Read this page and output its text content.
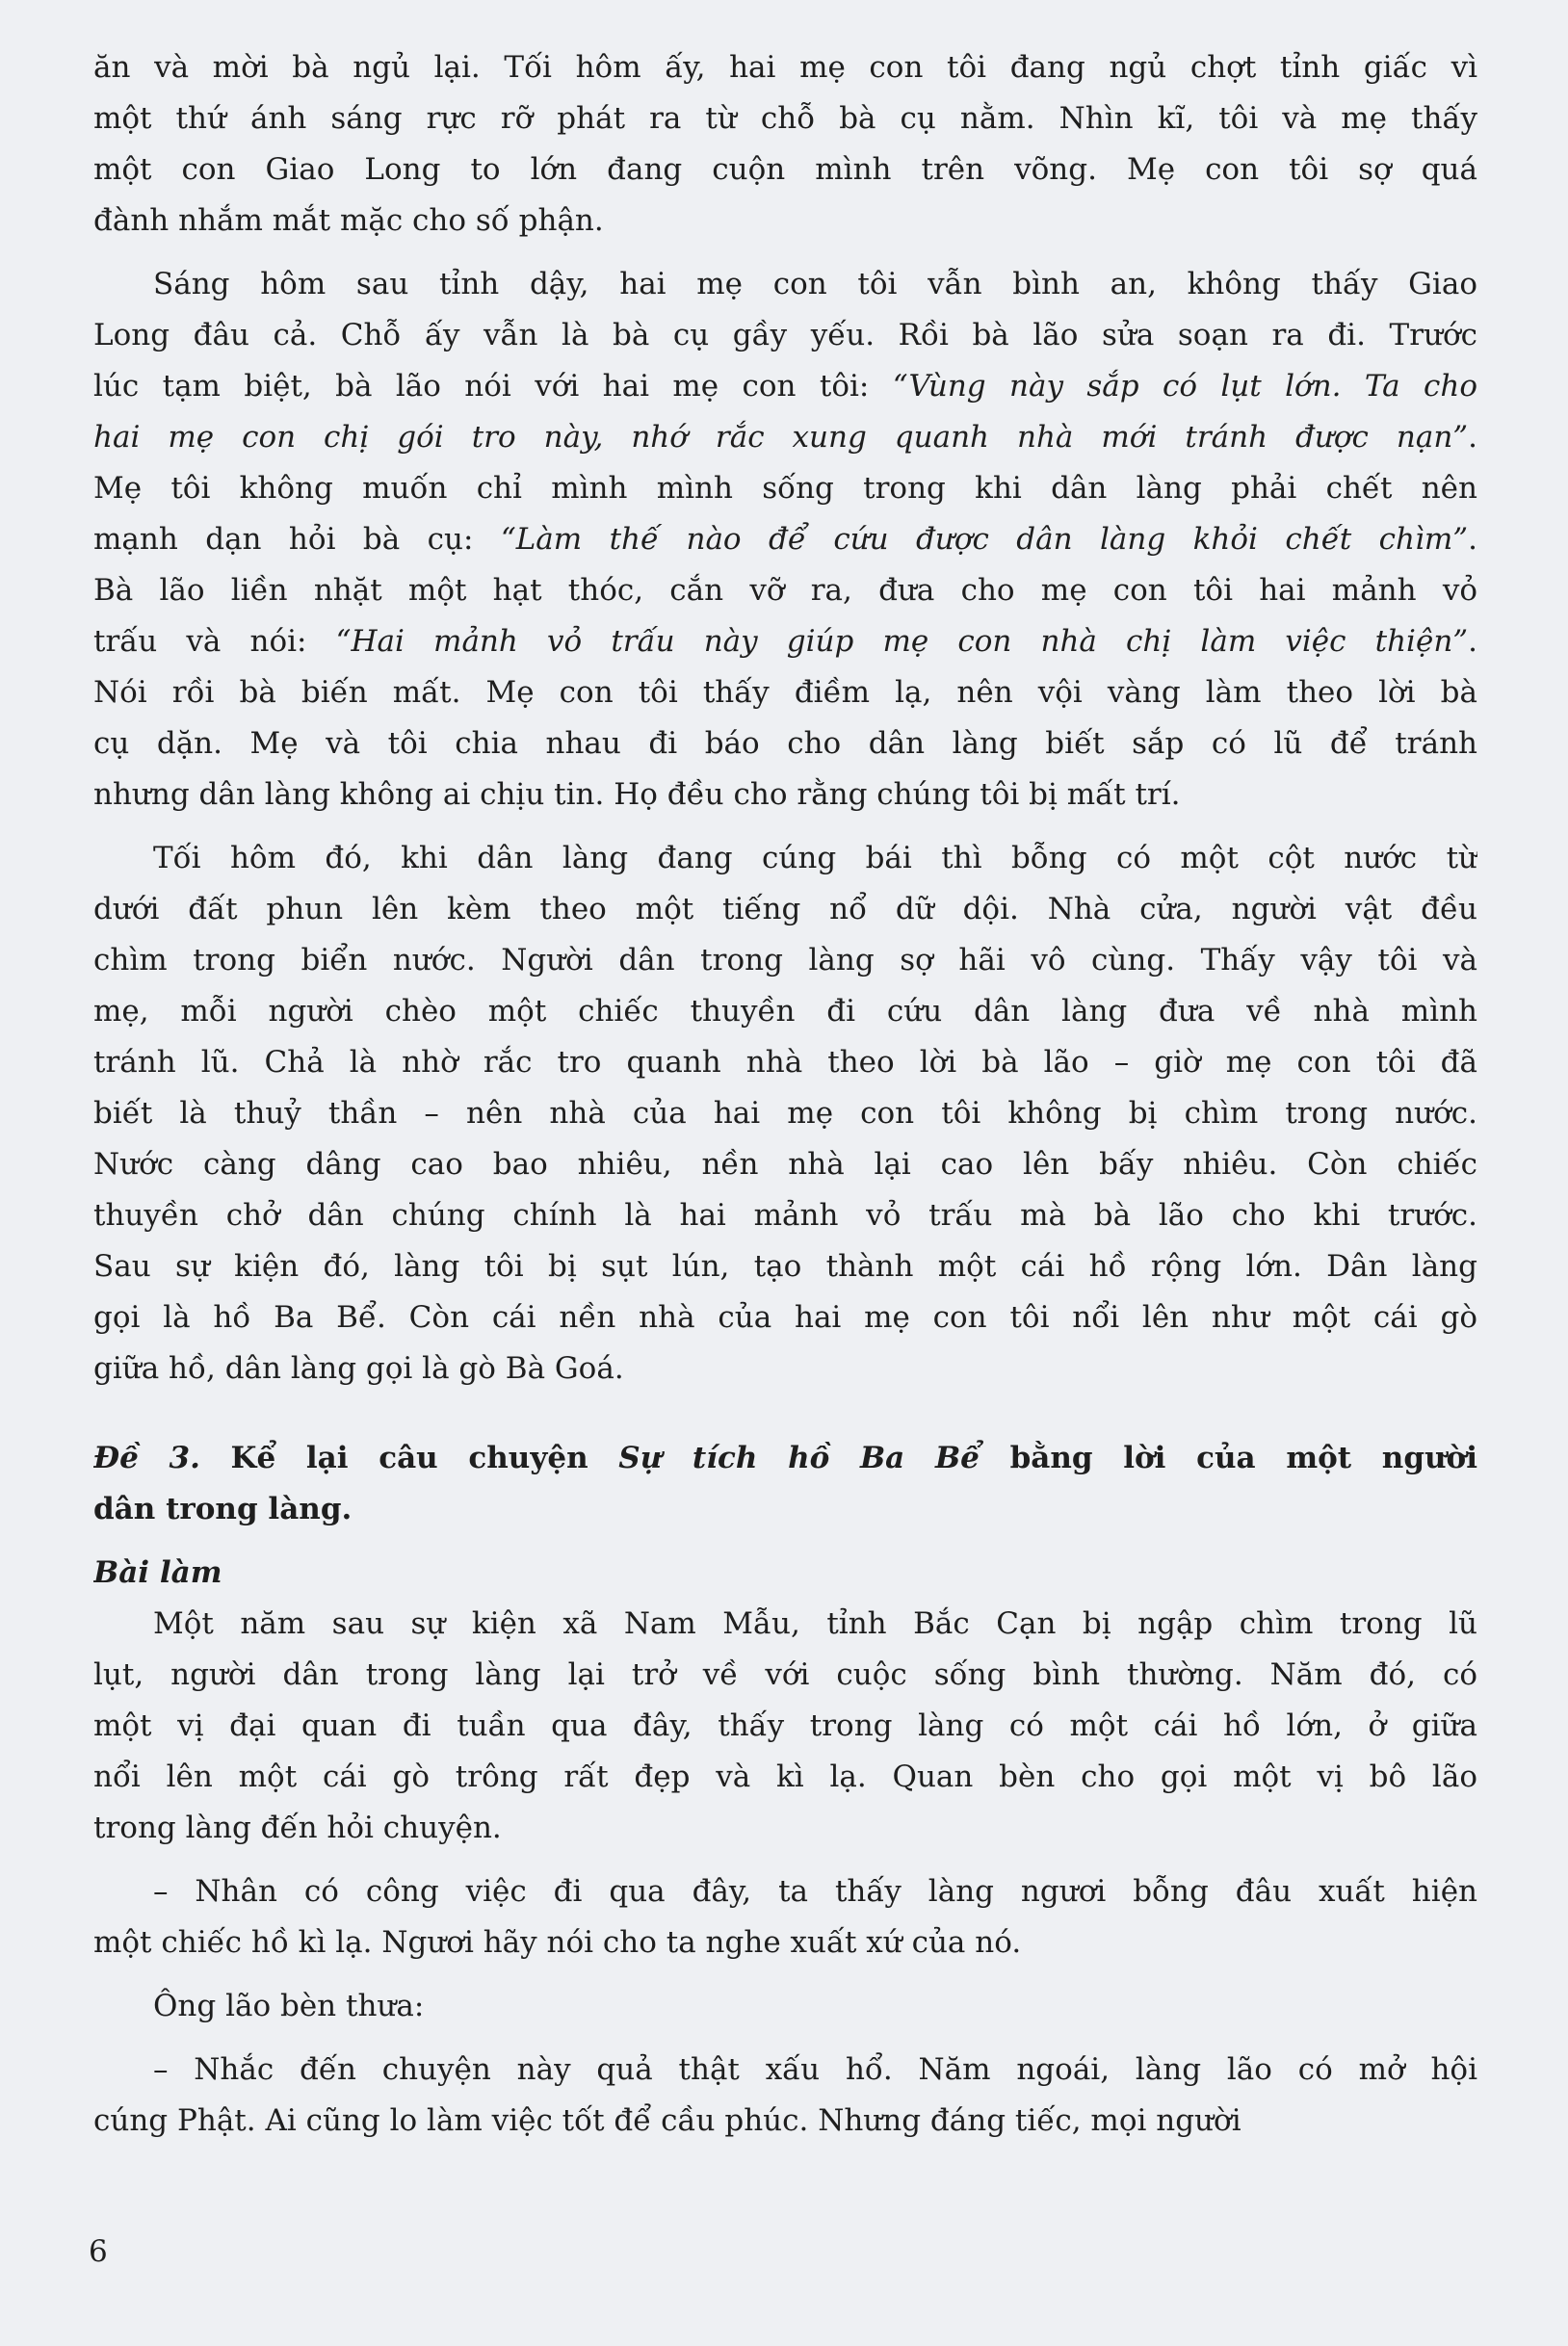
ăn và mời bà ngủ lại. Tối hôm ấy, hai mẹ con tôi đang ngủ chợt tỉnh giấc vì
một thứ ánh sáng rực rỡ phát ra từ chỗ bà cụ nằm. Nhìn kĩ, tôi và mẹ thấy
một con Giao Long to lớn đang cuộn mình trên võng. Mẹ con tôi sợ quá
đành nhắm mắt mặc cho số phận.
Sáng hôm sau tỉnh dậy, hai mẹ con tôi vẫn bình an, không thấy Giao
Long đâu cả. Chỗ ấy vẫn là bà cụ gầy yếu. Rồi bà lão sửa soạn ra đi. Trước
lúc tạm biệt, bà lão nói với hai mẹ con tôi: “Vùng này sắp có lụt lớn. Ta cho
hai mẹ con chị gói tro này, nhớ rắc xung quanh nhà mới tránh được nạn”.
Mẹ tôi không muốn chỉ mình mình sống trong khi dân làng phải chết nên
mạnh dạn hỏi bà cụ: “Làm thế nào để cứu được dân làng khỏi chết chìm”.
Bà lão liền nhặt một hạt thóc, cắn vỡ ra, đưa cho mẹ con tôi hai mảnh vỏ
trấu và nói: “Hai mảnh vỏ trấu này giúp mẹ con nhà chị làm việc thiện”.
Nói rồi bà biến mất. Mẹ con tôi thấy điềm lạ, nên vội vàng làm theo lời bà
cụ dặn. Mẹ và tôi chia nhau đi báo cho dân làng biết sắp có lũ để tránh
nhưng dân làng không ai chịu tin. Họ đều cho rằng chúng tôi bị mất trí.
Tối hôm đó, khi dân làng đang cúng bái thì bỗng có một cột nước từ
dưới đất phun lên kèm theo một tiếng nổ dữ dội. Nhà cửa, người vật đều
chìm trong biển nước. Người dân trong làng sợ hãi vô cùng. Thấy vậy tôi và
mẹ, mỗi người chèo một chiếc thuyền đi cứu dân làng đưa về nhà mình
tránh lũ. Chả là nhờ rắc tro quanh nhà theo lời bà lão – giờ mẹ con tôi đã
biết là thuỷ thần – nên nhà của hai mẹ con tôi không bị chìm trong nước.
Nước càng dâng cao bao nhiêu, nền nhà lại cao lên bấy nhiêu. Còn chiếc
thuyền chở dân chúng chính là hai mảnh vỏ trấu mà bà lão cho khi trước.
Sau sự kiện đó, làng tôi bị sụt lún, tạo thành một cái hồ rộng lớn. Dân làng
gọi là hồ Ba Bể. Còn cái nền nhà của hai mẹ con tôi nổi lên như một cái gò
giữa hồ, dân làng gọi là gò Bà Goá.
Đề 3. Kể lại câu chuyện Sự tích hồ Ba Bể bằng lời của một người
dân trong làng.
Bài làm
Một năm sau sự kiện xã Nam Mẫu, tỉnh Bắc Cạn bị ngập chìm trong lũ
lụt, người dân trong làng lại trở về với cuộc sống bình thường. Năm đó, có
một vị đại quan đi tuần qua đây, thấy trong làng có một cái hồ lớn, ở giữa
nổi lên một cái gò trông rất đẹp và kì lạ. Quan bèn cho gọi một vị bô lão
trong làng đến hỏi chuyện.
– Nhân có công việc đi qua đây, ta thấy làng ngươi bỗng đâu xuất hiện
một chiếc hồ kì lạ. Ngươi hãy nói cho ta nghe xuất xứ của nó.
Ông lão bèn thưa:
– Nhắc đến chuyện này quả thật xấu hổ. Năm ngoái, làng lão có mở hội
cúng Phật. Ai cũng lo làm việc tốt để cầu phúc. Nhưng đáng tiếc, mọi người
6
